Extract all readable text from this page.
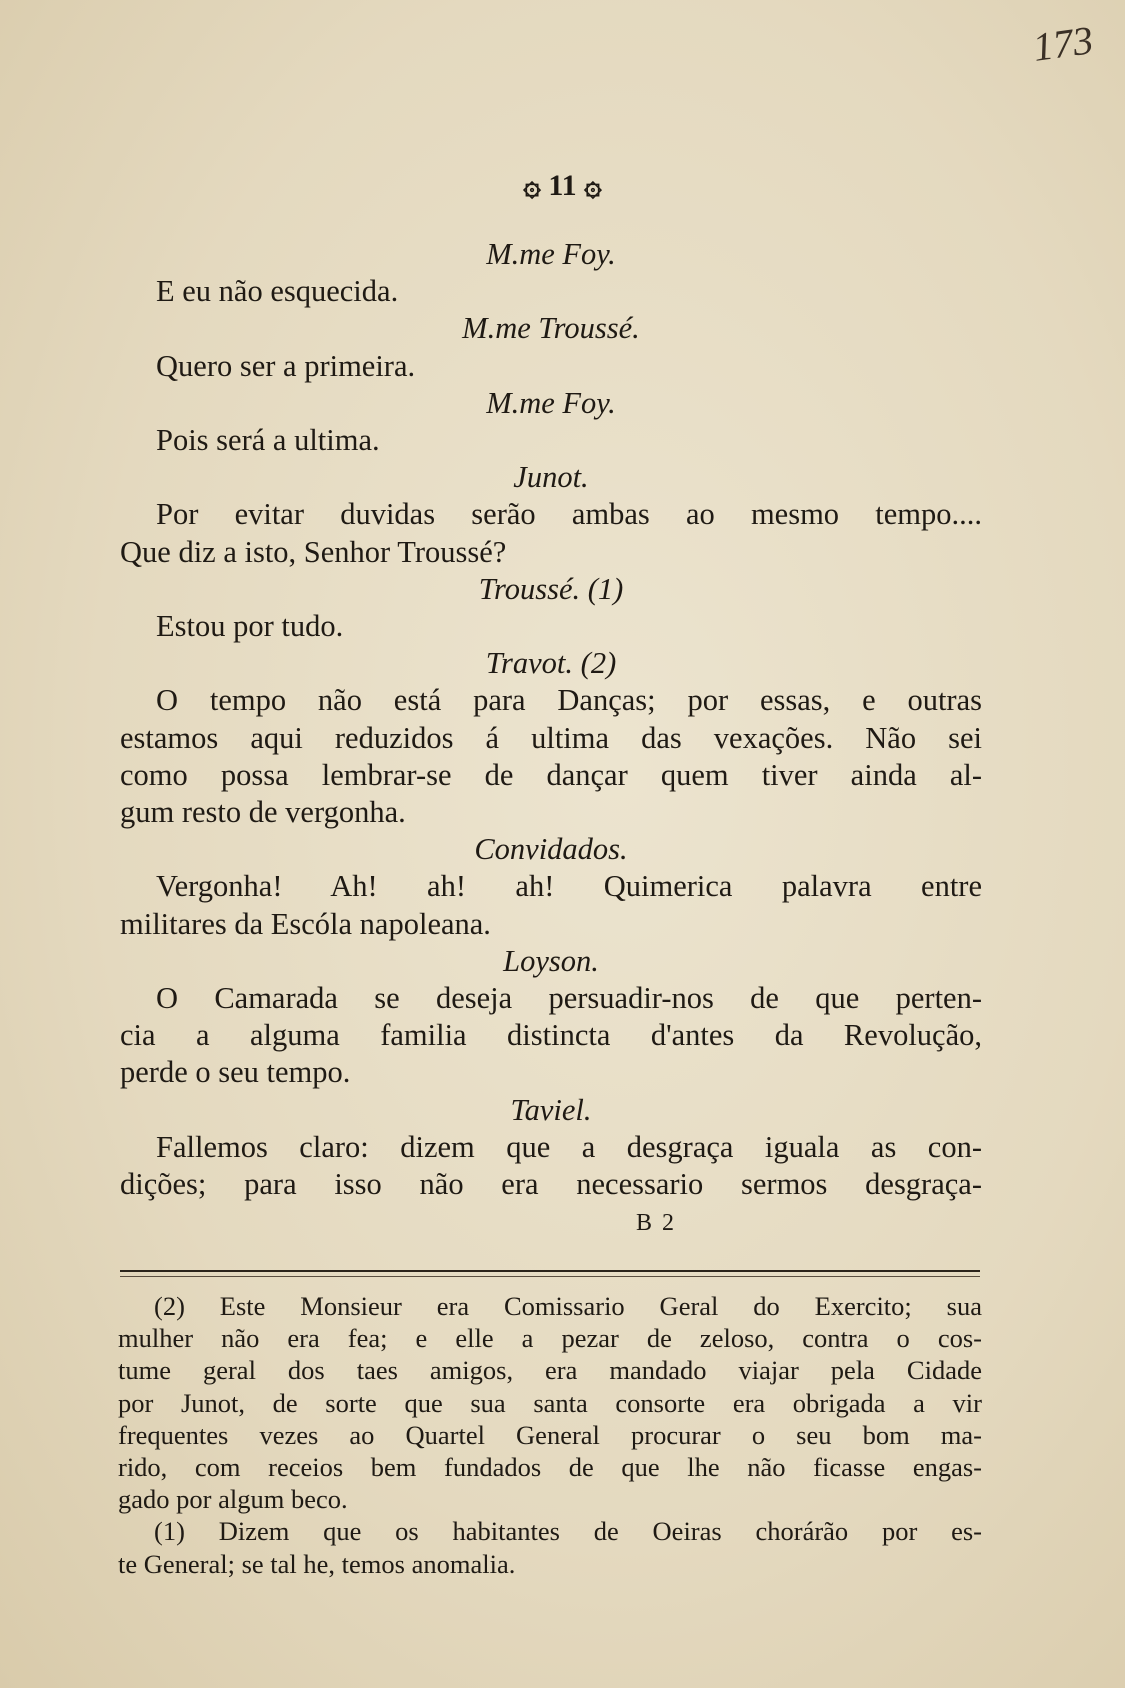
173
۞ 11 ۞
M.me Foy.
E eu não esquecida.
M.me Troussé.
Quero ser a primeira.
M.me Foy.
Pois será a ultima.
Junot.
Por evitar duvidas serão ambas ao mesmo tempo....
Que diz a isto, Senhor Troussé?
Troussé. (1)
Estou por tudo.
Travot. (2)
O tempo não está para Danças; por essas, e outras
estamos aqui reduzidos á ultima das vexações. Não sei
como possa lembrar-se de dançar quem tiver ainda al-
gum resto de vergonha.
Convidados.
Vergonha! Ah! ah! ah! Quimerica palavra entre
militares da Escóla napoleana.
Loyson.
O Camarada se deseja persuadir-nos de que perten-
cia a alguma familia distincta d'antes da Revolução,
perde o seu tempo.
Taviel.
Fallemos claro: dizem que a desgraça iguala as con-
dições; para isso não era necessario sermos desgraça-
B 2
(2) Este Monsieur era Comissario Geral do Exercito; sua
mulher não era fea; e elle a pezar de zeloso, contra o cos-
tume geral dos taes amigos, era mandado viajar pela Cidade
por Junot, de sorte que sua santa consorte era obrigada a vir
frequentes vezes ao Quartel General procurar o seu bom ma-
rido, com receios bem fundados de que lhe não ficasse engas-
gado por algum beco.
(1) Dizem que os habitantes de Oeiras chorárão por es-
te General; se tal he, temos anomalia.
